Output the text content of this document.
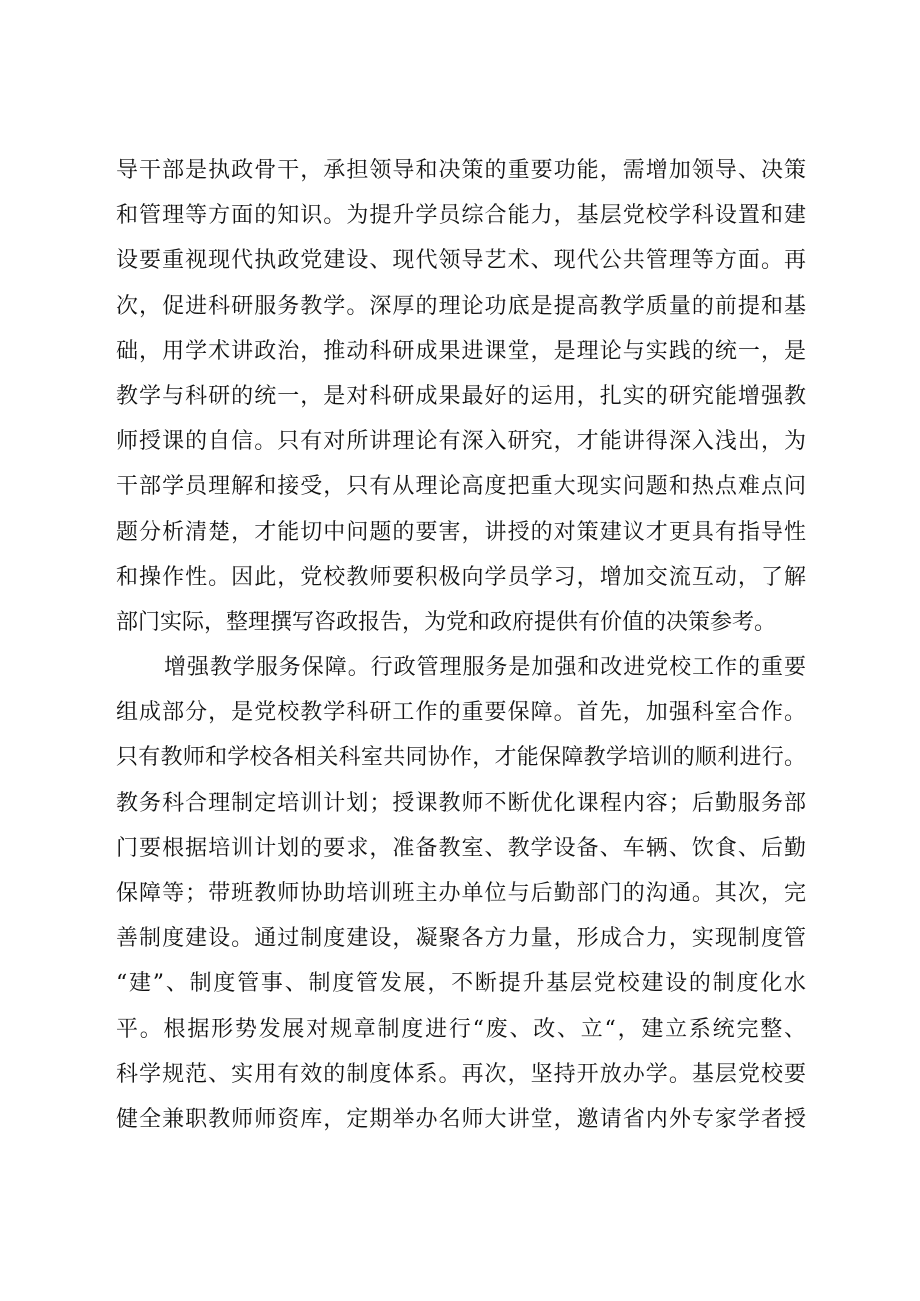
导干部是执政骨干，承担领导和决策的重要功能，需增加领导、决策
和管理等方面的知识。为提升学员综合能力，基层党校学科设置和建
设要重视现代执政党建设、现代领导艺术、现代公共管理等方面。再
次，促进科研服务教学。深厚的理论功底是提高教学质量的前提和基
础，用学术讲政治，推动科研成果进课堂，是理论与实践的统一，是
教学与科研的统一，是对科研成果最好的运用，扎实的研究能增强教
师授课的自信。只有对所讲理论有深入研究，才能讲得深入浅出，为
干部学员理解和接受，只有从理论高度把重大现实问题和热点难点问
题分析清楚，才能切中问题的要害，讲授的对策建议才更具有指导性
和操作性。因此，党校教师要积极向学员学习，增加交流互动，了解
部门实际，整理撰写咨政报告，为党和政府提供有价值的决策参考。
增强教学服务保障。行政管理服务是加强和改进党校工作的重要
组成部分，是党校教学科研工作的重要保障。首先，加强科室合作。
只有教师和学校各相关科室共同协作，才能保障教学培训的顺利进行。
教务科合理制定培训计划；授课教师不断优化课程内容；后勤服务部
门要根据培训计划的要求，准备教室、教学设备、车辆、饮食、后勤
保障等；带班教师协助培训班主办单位与后勤部门的沟通。其次，完
善制度建设。通过制度建设，凝聚各方力量，形成合力，实现制度管
“建”、制度管事、制度管发展，不断提升基层党校建设的制度化水
平。根据形势发展对规章制度进行“废、改、立“，建立系统完整、
科学规范、实用有效的制度体系。再次，坚持开放办学。基层党校要
健全兼职教师师资库，定期举办名师大讲堂，邀请省内外专家学者授
